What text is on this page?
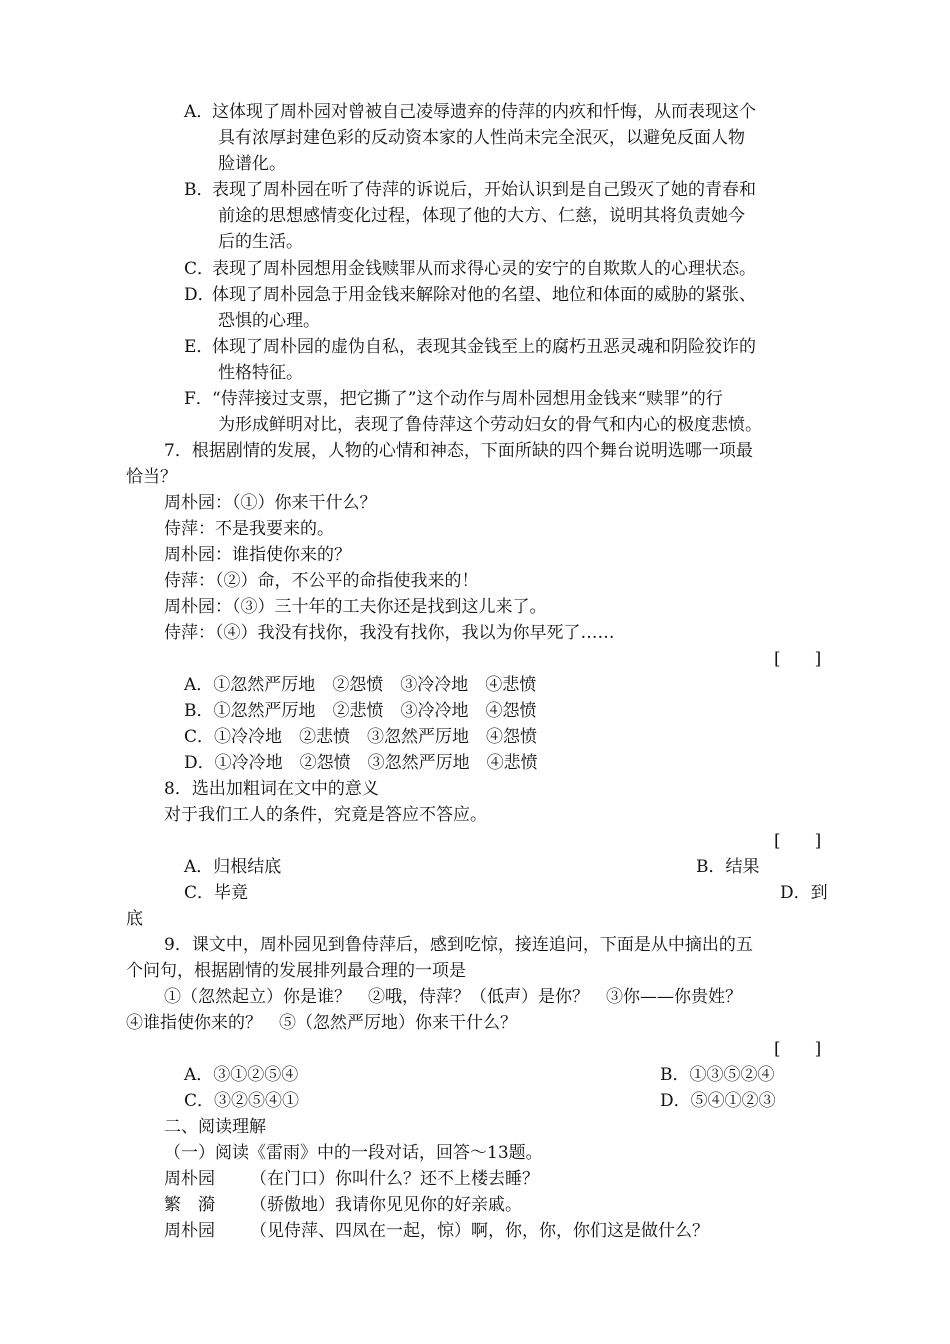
A．
这体现了周朴园对曾被自己凌辱遗弃的侍萍的内疚和忏悔，从而表现这个
具有浓厚封建色彩的反动资本家的人性尚未完全泯灭，以避免反面人物
脸谱化。
B．
表现了周朴园在听了侍萍的诉说后，开始认识到是自己毁灭了她的青春和
前途的思想感情变化过程，体现了他的大方、仁慈，说明其将负责她今
后的生活。
C．
表现了周朴园想用金钱赎罪从而求得心灵的安宁的自欺欺人的心理状态。
D．
体现了周朴园急于用金钱来解除对他的名望、地位和体面的威胁的紧张、
恐惧的心理。
E．
体现了周朴园的虚伪自私，表现其金钱至上的腐朽丑恶灵魂和阴险狡诈的
性格特征。
F． “侍萍接过支票，把它撕了”这个动作与周朴园想用金钱来“赎罪”的行
为形成鲜明对比，表现了鲁侍萍这个劳动妇女的骨气和内心的极度悲愤。
7．根据剧情的发展，人物的心情和神态，下面所缺的四个舞台说明选哪一项最
恰当？
周朴园：（①）你来干什么？
侍萍：不是我要来的。
周朴园：谁指使你来的？
侍萍：（②）命，不公平的命指使我来的！
周朴园：（③）三十年的工夫你还是找到这儿来了。
侍萍：（④）我没有找你，我没有找你，我以为你早死了……
[　　]
A．①忽然严厉地　②怨愤　③冷冷地　④悲愤
B．①忽然严厉地　②悲愤　③冷冷地　④怨愤
C．①冷冷地　②悲愤　③忽然严厉地　④怨愤
D．①冷冷地　②怨愤　③忽然严厉地　④悲愤
8．选出加粗词在文中的意义
对于我们工人的条件，究竟是答应不答应。
[　　]
A．归根结底	B．结果
C．毕竟	D．到
底
9．课文中，周朴园见到鲁侍萍后，感到吃惊，接连追问，下面是从中摘出的五
个问句，根据剧情的发展排列最合理的一项是
①（忽然起立）你是谁？　②哦，侍萍？（低声）是你？　③你——你贵姓？
④谁指使你来的？　⑤（忽然严厉地）你来干什么？
[　　]
A．③①②⑤④	B．①③⑤②④
C．③②⑤④①	D．⑤④①②③
二、阅读理解
（一）阅读《雷雨》中的一段对话，回答～13题。
周朴园 （在门口）你叫什么？还不上楼去睡？
繁　漪 （骄傲地）我请你见见你的好亲戚。
周朴园 （见侍萍、四凤在一起，惊）啊，你，你，你们这是做什么？
